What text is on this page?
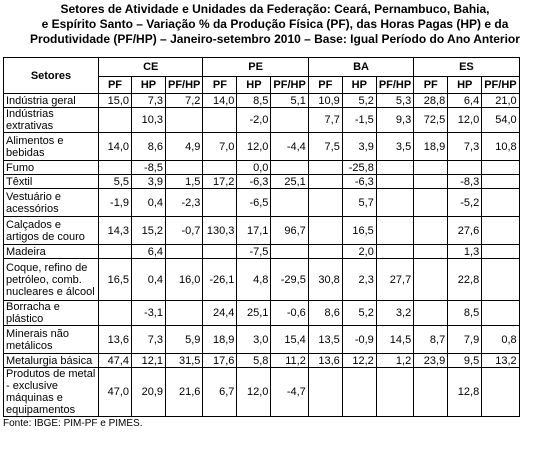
Setores de Atividade e Unidades da Federação: Ceará, Pernambuco, Bahia,
e Espírito Santo – Variação % da Produção Física (PF), das Horas Pagas (HP) e da
Produtividade (PF/HP) – Janeiro-setembro 2010 – Base: Igual Período do Ano Anterior
Setores	CE			PE			BA			ES		
	PF	HP	PF/HP	PF	HP	PF/HP	PF	HP	PF/HP	PF	HP	PF/HP
Indústria geral	15,0	7,3	7,2	14,0	8,5	5,1	10,9	5,2	5,3	28,8	6,4	21,0
Indústrias extrativas		10,3			-2,0		7,7	-1,5	9,3	72,5	12,0	54,0
Alimentos e bebidas	14,0	8,6	4,9	7,0	12,0	-4,4	7,5	3,9	3,5	18,9	7,3	10,8
Fumo		-8,5			0,0			-25,8				
Têxtil	5,5	3,9	1,5	17,2	-6,3	25,1		-6,3			-8,3	
Vestuário e acessórios	-1,9	0,4	-2,3		-6,5			5,7			-5,2	
Calçados e artigos de couro	14,3	15,2	-0,7	130,3	17,1	96,7		16,5			27,6	
Madeira		6,4			-7,5			2,0			1,3	
Coque, refino de petróleo, comb. nucleares e álcool	16,5	0,4	16,0	-26,1	4,8	-29,5	30,8	2,3	27,7		22,8	
Borracha e plástico		-3,1		24,4	25,1	-0,6	8,6	5,2	3,2		8,5	
Minerais não metálicos	13,6	7,3	5,9	18,9	3,0	15,4	13,5	-0,9	14,5	8,7	7,9	0,8
Metalurgia básica	47,4	12,1	31,5	17,6	5,8	11,2	13,6	12,2	1,2	23,9	9,5	13,2
Produtos de metal - exclusive máquinas e equipamentos	47,0	20,9	21,6	6,7	12,0	-4,7					12,8	
Fonte: IBGE: PIM-PF e PIMES.
